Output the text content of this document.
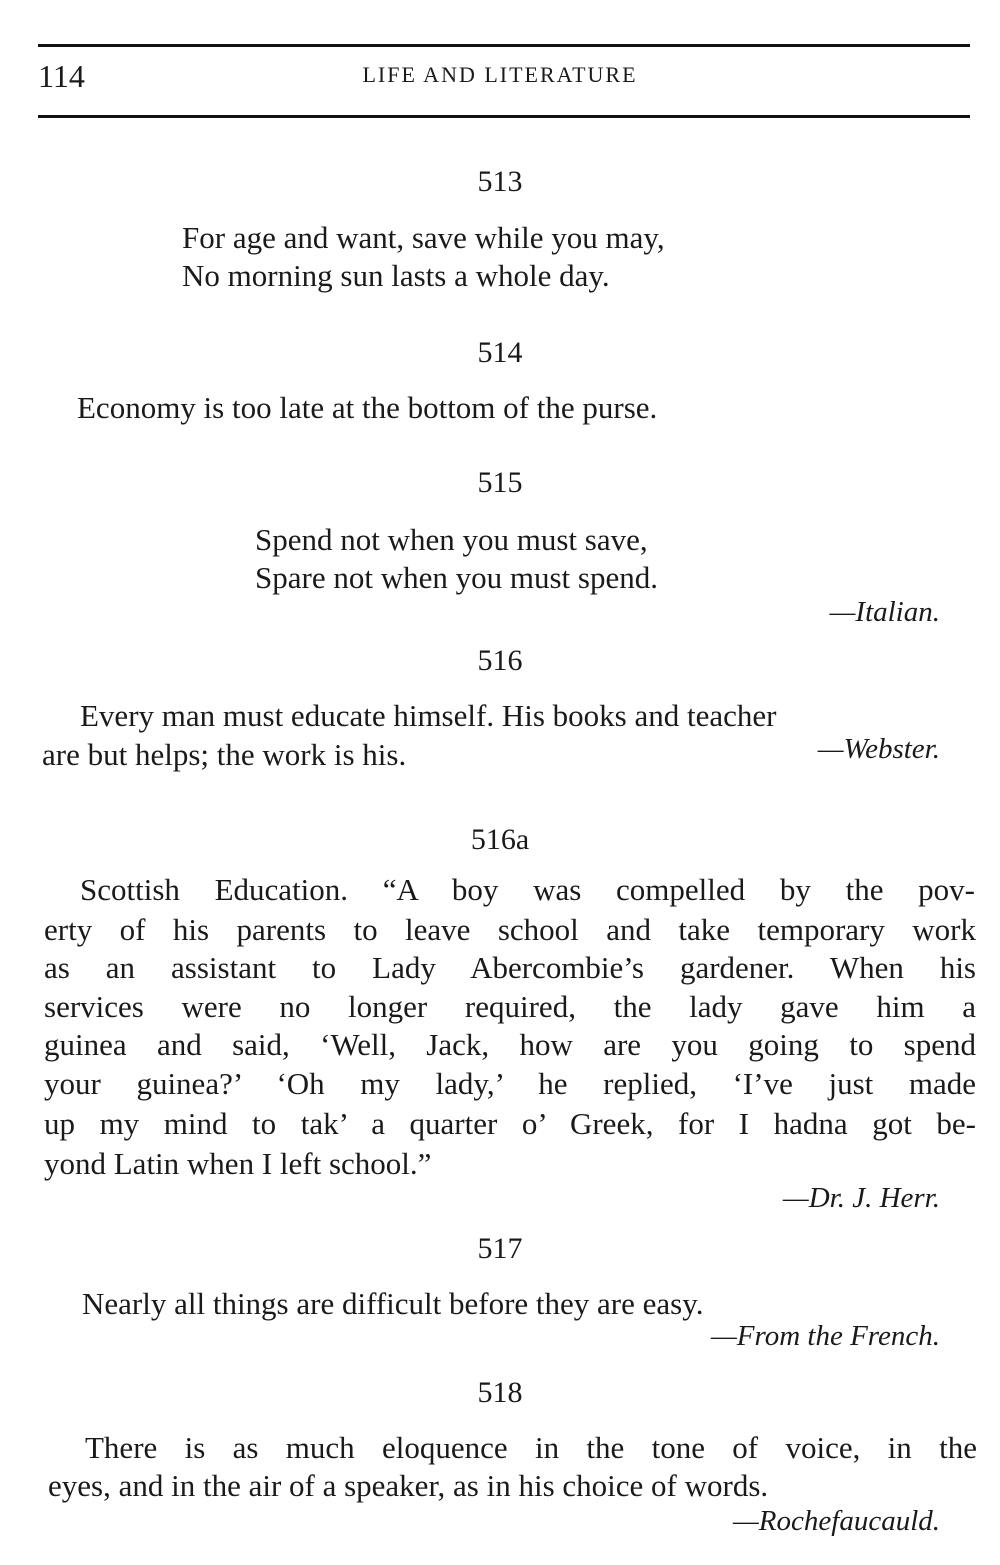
114	LIFE AND LITERATURE
513
For age and want, save while you may,
No morning sun lasts a whole day.
514
Economy is too late at the bottom of the purse.
515
Spend not when you must save,
Spare not when you must spend.
—Italian.
516
Every man must educate himself. His books and teacher
are but helps; the work is his.	—Webster.
516a
Scottish Education. “A boy was compelled by the pov-
erty of his parents to leave school and take temporary work
as an assistant to Lady Abercombie’s gardener. When his
services were no longer required, the lady gave him a
guinea and said, ‘Well, Jack, how are you going to spend
your guinea?’ ‘Oh my lady,’ he replied, ‘I’ve just made
up my mind to tak’ a quarter o’ Greek, for I hadna got be-
yond Latin when I left school.”
—Dr. J. Herr.
517
Nearly all things are difficult before they are easy.
—From the French.
518
There is as much eloquence in the tone of voice, in the
eyes, and in the air of a speaker, as in his choice of words.
—Rochefaucauld.
